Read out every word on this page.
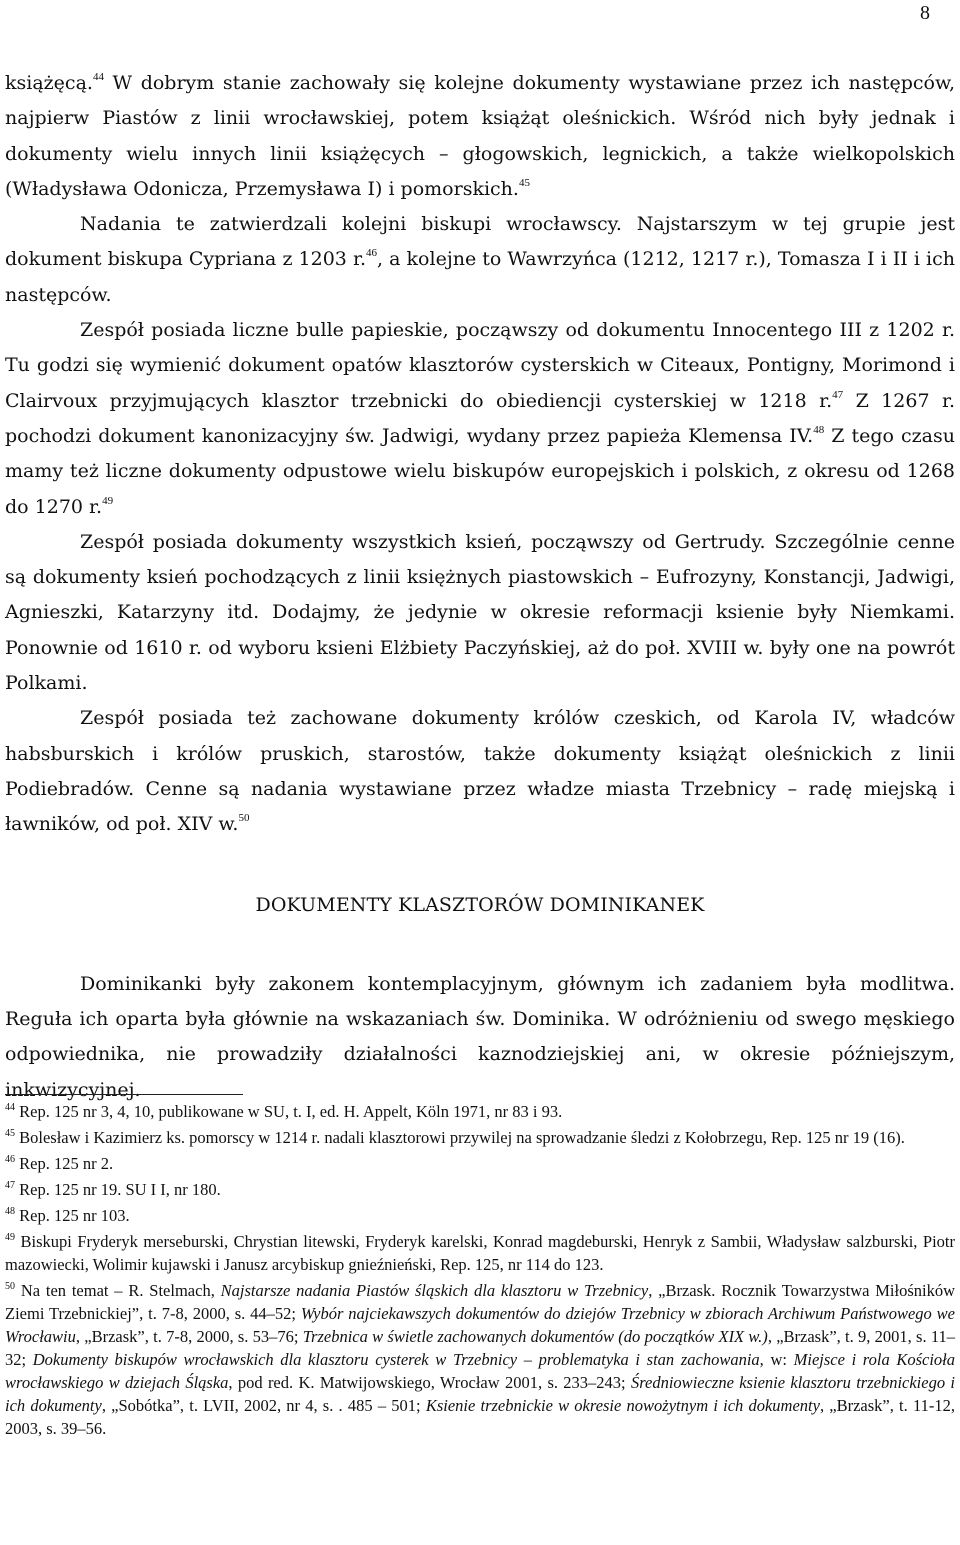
8

książęcą.$^{44}$ W dobrym stanie zachowały się kolejne dokumenty wystawiane przez ich następców, najpierw Piastów z linii wrocławskiej, potem książąt oleśnickich. Wśród nich były jednak i dokumenty wielu innych linii książęcych – głogowskich, legnickich, a także wielkopolskich (Władysława Odonicza, Przemysława I) i pomorskich.$^{45}$

Nadania te zatwierdzali kolejni biskupi wrocławscy. Najstarszym w tej grupie jest dokument biskupa Cypriana z 1203 r.$^{46}$, a kolejne to Wawrzyńca (1212, 1217 r.), Tomasza I i II i ich następców.

Zespół posiada liczne bulle papieskie, począwszy od dokumentu Innocentego III z 1202 r. Tu godzi się wymienić dokument opatów klasztorów cysterskich w Citeaux, Pontigny, Morimond i Clairvoux przyjmujących klasztor trzebnicki do obiediencji cysterskiej w 1218 r.$^{47}$ Z 1267 r. pochodzi dokument kanonizacyjny św. Jadwigi, wydany przez papieża Klemensa IV.$^{48}$ Z tego czasu mamy też liczne dokumenty odpustowe wielu biskupów europejskich i polskich, z okresu od 1268 do 1270 r.$^{49}$

Zespół posiada dokumenty wszystkich ksień, począwszy od Gertrudy. Szczególnie cenne są dokumenty ksień pochodzących z linii księżnych piastowskich – Eufrozyny, Konstancji, Jadwigi, Agnieszki, Katarzyny itd. Dodajmy, że jedynie w okresie reformacji ksienie były Niemkami. Ponownie od 1610 r. od wyboru ksieni Elżbiety Paczyńskiej, aż do poł. XVIII w. były one na powrót Polkami.

Zespół posiada też zachowane dokumenty królów czeskich, od Karola IV, władców habsburskich i królów pruskich, starostów, także dokumenty książąt oleśnickich z linii Podiebradów. Cenne są nadania wystawiane przez władze miasta Trzebnicy – radę miejską i ławników, od poł. XIV w.$^{50}$

DOKUMENTY KLASZTORÓW DOMINIKANEK

Dominikanki były zakonem kontemplacyjnym, głównym ich zadaniem była modlitwa. Reguła ich oparta była głównie na wskazaniach św. Dominika. W odróżnieniu od swego męskiego odpowiednika, nie prowadziły działalności kaznodziejskiej ani, w okresie późniejszym, inkwizycyjnej.

$^{44}$ Rep. 125 nr 3, 4, 10, publikowane w SU, t. I, ed. H. Appelt, Köln 1971, nr 83 i 93.

$^{45}$ Bolesław i Kazimierz ks. pomorscy w 1214 r. nadali klasztorowi przywilej na sprowadzanie śledzi z Kołobrzegu, Rep. 125 nr 19 (16).

$^{46}$ Rep. 125 nr 2.

$^{47}$ Rep. 125 nr 19. SU I I, nr 180.

$^{48}$ Rep. 125 nr 103.

$^{49}$ Biskupi Fryderyk merseburski, Chrystian litewski, Fryderyk karelski, Konrad magdeburski, Henryk z Sambii, Władysław salzburski, Piotr mazowiecki, Wolimir kujawski i Janusz arcybiskup gnieźnieński, Rep. 125, nr 114 do 123.

$^{50}$ Na ten temat – R. Stelmach, Najstarsze nadania Piastów śląskich dla klasztoru w Trzebnicy, „Brzask. Rocznik Towarzystwa Miłośników Ziemi Trzebnickiej”, t. 7-8, 2000, s. 44–52; Wybór najciekawszych dokumentów do dziejów Trzebnicy w zbiorach Archiwum Państwowego we Wrocławiu, „Brzask”, t. 7-8, 2000, s. 53–76; Trzebnica w świetle zachowanych dokumentów (do początków XIX w.), „Brzask”, t. 9, 2001, s. 11–32; Dokumenty biskupów wrocławskich dla klasztoru cysterek w Trzebnicy – problematyka i stan zachowania, w: Miejsce i rola Kościoła wrocławskiego w dziejach Śląska, pod red. K. Matwijowskiego, Wrocław 2001, s. 233–243; Średniowieczne ksienie klasztoru trzebnickiego i ich dokumenty, „Sobótka”, t. LVII, 2002, nr 4, s. . 485 – 501; Ksienie trzebnickie w okresie nowożytnym i ich dokumenty, „Brzask”, t. 11-12, 2003, s. 39–56.
